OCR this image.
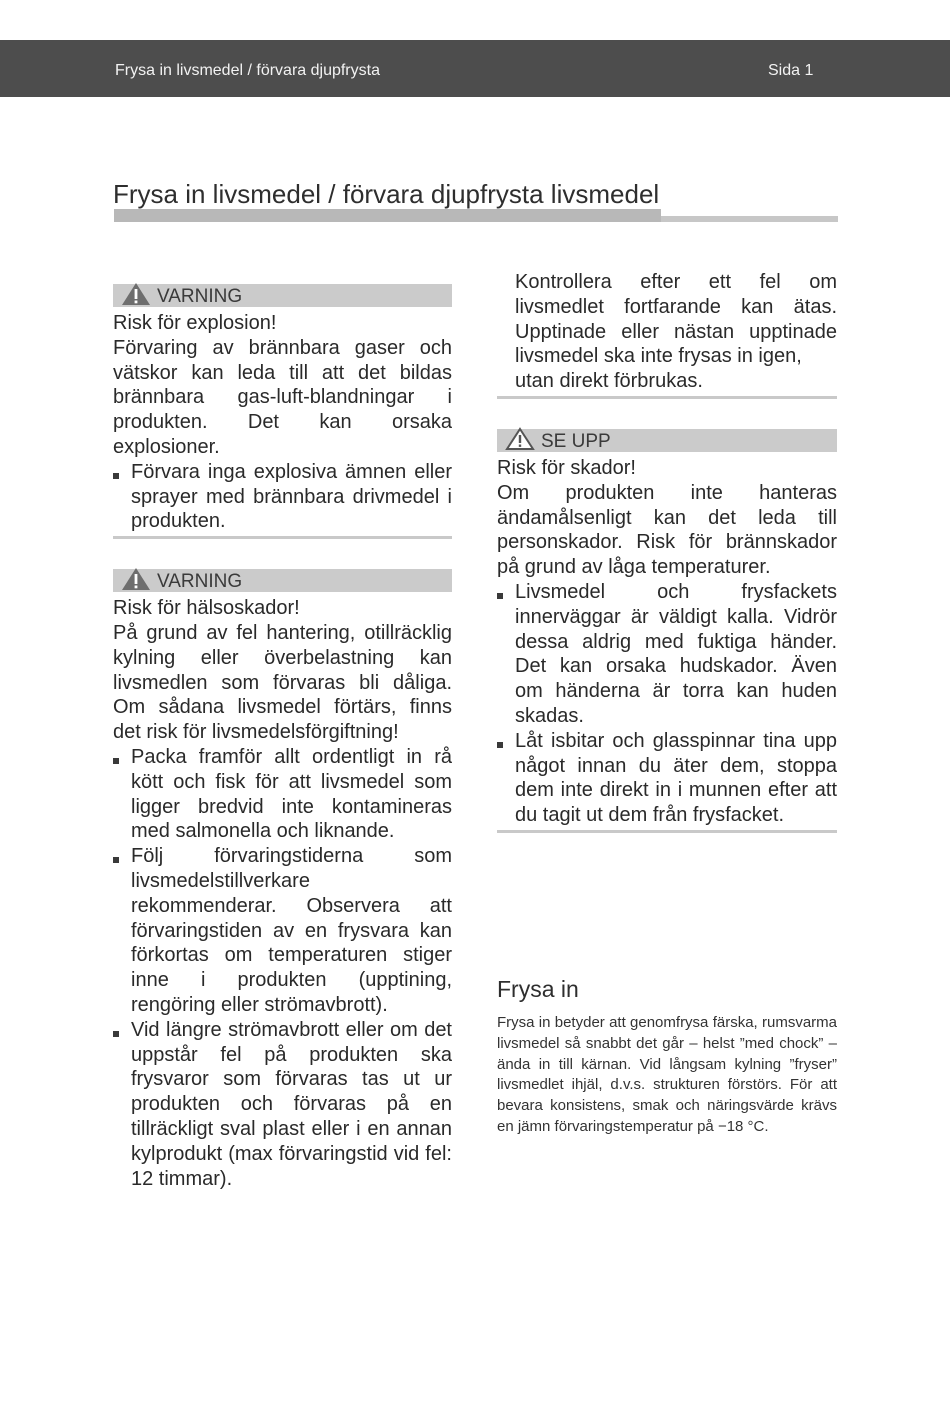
Frysa in livsmedel / förvara djupfrysta	Sida 1
Frysa in livsmedel / förvara djupfrysta livsmedel
VARNING
Risk för explosion!
Förvaring av brännbara gaser och vätskor kan leda till att det bildas brännbara gas-luft-blandningar i produkten. Det kan orsaka explosioner.
Förvara inga explosiva ämnen eller sprayer med brännbara drivmedel i produkten.
VARNING
Risk för hälsoskador!
På grund av fel hantering, otillräcklig kylning eller överbelastning kan livsmedlen som förvaras bli dåliga. Om sådana livsmedel förtärs, finns det risk för livsmedelsförgiftning!
Packa framför allt ordentligt in rå kött och fisk för att livsmedel som ligger bredvid inte kontamineras med salmonella och liknande.
Följ förvaringstiderna som livsmedelstillverkare rekommenderar. Observera att förvaringstiden av en frysvara kan förkortas om temperaturen stiger inne i produkten (upptining, rengöring eller strömavbrott).
Vid längre strömavbrott eller om det uppstår fel på produkten ska frysvaror som förvaras tas ut ur produkten och förvaras på en tillräckligt sval plast eller i en annan kylprodukt (max förvaringstid vid fel: 12 timmar).
Kontrollera efter ett fel om livsmedlet fortfarande kan ätas. Upptinade eller nästan upptinade livsmedel ska inte frysas in igen,
utan direkt förbrukas.
SE UPP
Risk för skador!
Om produkten inte hanteras ändamålsenligt kan det leda till personskador. Risk för brännskador på grund av låga temperaturer.
Livsmedel och frysfackets innerväggar är väldigt kalla. Vidrör dessa aldrig med fuktiga händer. Det kan orsaka hudskador. Även om händerna är torra kan huden skadas.
Låt isbitar och glasspinnar tina upp något innan du äter dem, stoppa dem inte direkt in i munnen efter att du tagit ut dem från frysfacket.
Frysa in
Frysa in betyder att genomfrysa färska, rumsvarma livsmedel så snabbt det går – helst ”med chock” – ända in till kärnan. Vid långsam kylning ”fryser” livsmedlet ihjäl, d.v.s. strukturen förstörs. För att bevara konsistens, smak och näringsvärde krävs en jämn förvaringstemperatur på −18 °C.
